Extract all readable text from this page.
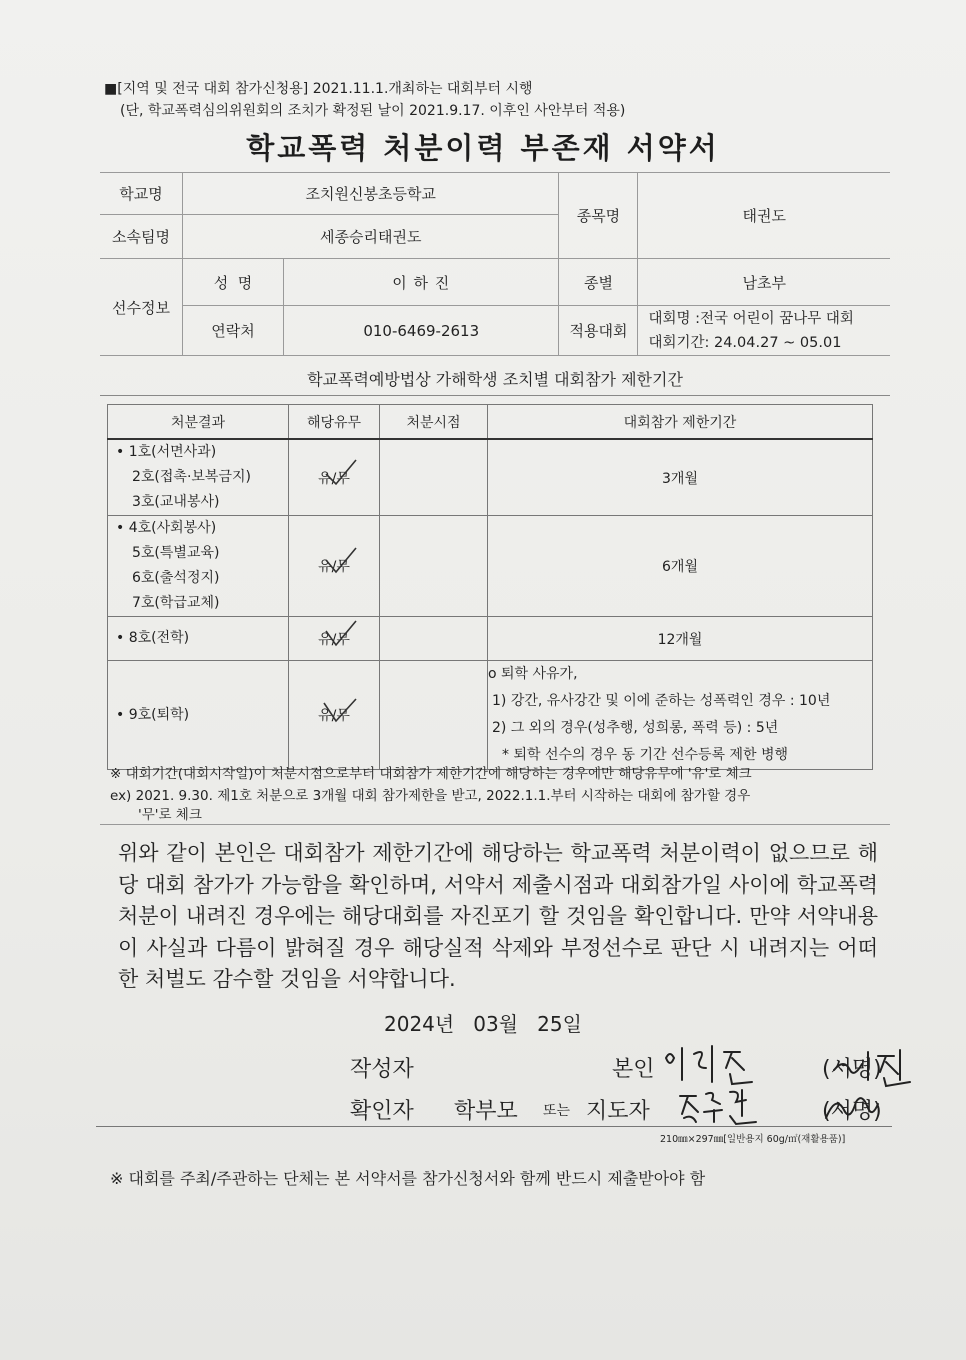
■[지역 및 전국 대회 참가신청용] 2021.11.1.개최하는 대회부터 시행
(단, 학교폭력심의위원회의 조치가 확정된 날이 2021.9.17. 이후인 사안부터 적용)
학교폭력 처분이력 부존재 서약서
학교명	조치원신봉초등학교		종목명	태권도
소속팀명	세종승리태권도			
선수정보	성  명	이 하 진	종별	남초부
	연락처	010-6469-2613	적용대회	대회명 :전국 어린이 꿈나무 대회
대회기간: 24.04.27 ~ 05.01
학교폭력예방법상 가해학생 조치별 대회참가 제한기간
처분결과	해당유무	처분시점	대회참가 제한기간

• 1호(서면사과)
2호(접촉·보복금지)
3호(교내봉사)	유/무		3개월

• 4호(사회봉사)
5호(특별교육)
6호(출석정지)
7호(학급교체)	유/무		6개월

• 8호(전학)	유/무		12개월

• 9호(퇴학)	유/무		o 퇴학 사유가,
1) 강간, 유사강간 및 이에 준하는 성폭력인 경우 : 10년
2) 그 외의 경우(성추행, 성희롱, 폭력 등) : 5년
* 퇴학 선수의 경우 동 기간 선수등록 제한 병행
※ 대회기간(대회시작일)이 처분시점으로부터 대회참가 제한기간에 해당하는 경우에만 해당유무에 '유'로 체크
ex) 2021. 9.30. 제1호 처분으로 3개월 대회 참가제한을 받고, 2022.1.1.부터 시작하는 대회에 참가할 경우
'무'로 체크
위와 같이 본인은 대회참가 제한기간에 해당하는 학교폭력 처분이력이 없으므로 해당 대회 참가가 가능함을 확인하며, 서약서 제출시점과 대회참가일 사이에 학교폭력 처분이 내려진 경우에는 해당대회를 자진포기 할 것임을 확인합니다. 만약 서약내용이 사실과 다름이 밝혀질 경우 해당실적 삭제와 부정선수로 판단 시 내려지는 어떠한 처벌도 감수할 것임을 서약합니다.
2024년   03월   25일
작성자	본인	(서명)
확인자 학부모 또는 지도자	(서명)
210㎜×297㎜[일반용지 60g/㎡(재활용품)]
※ 대회를 주최/주관하는 단체는 본 서약서를 참가신청서와 함께 반드시 제출받아야 함
